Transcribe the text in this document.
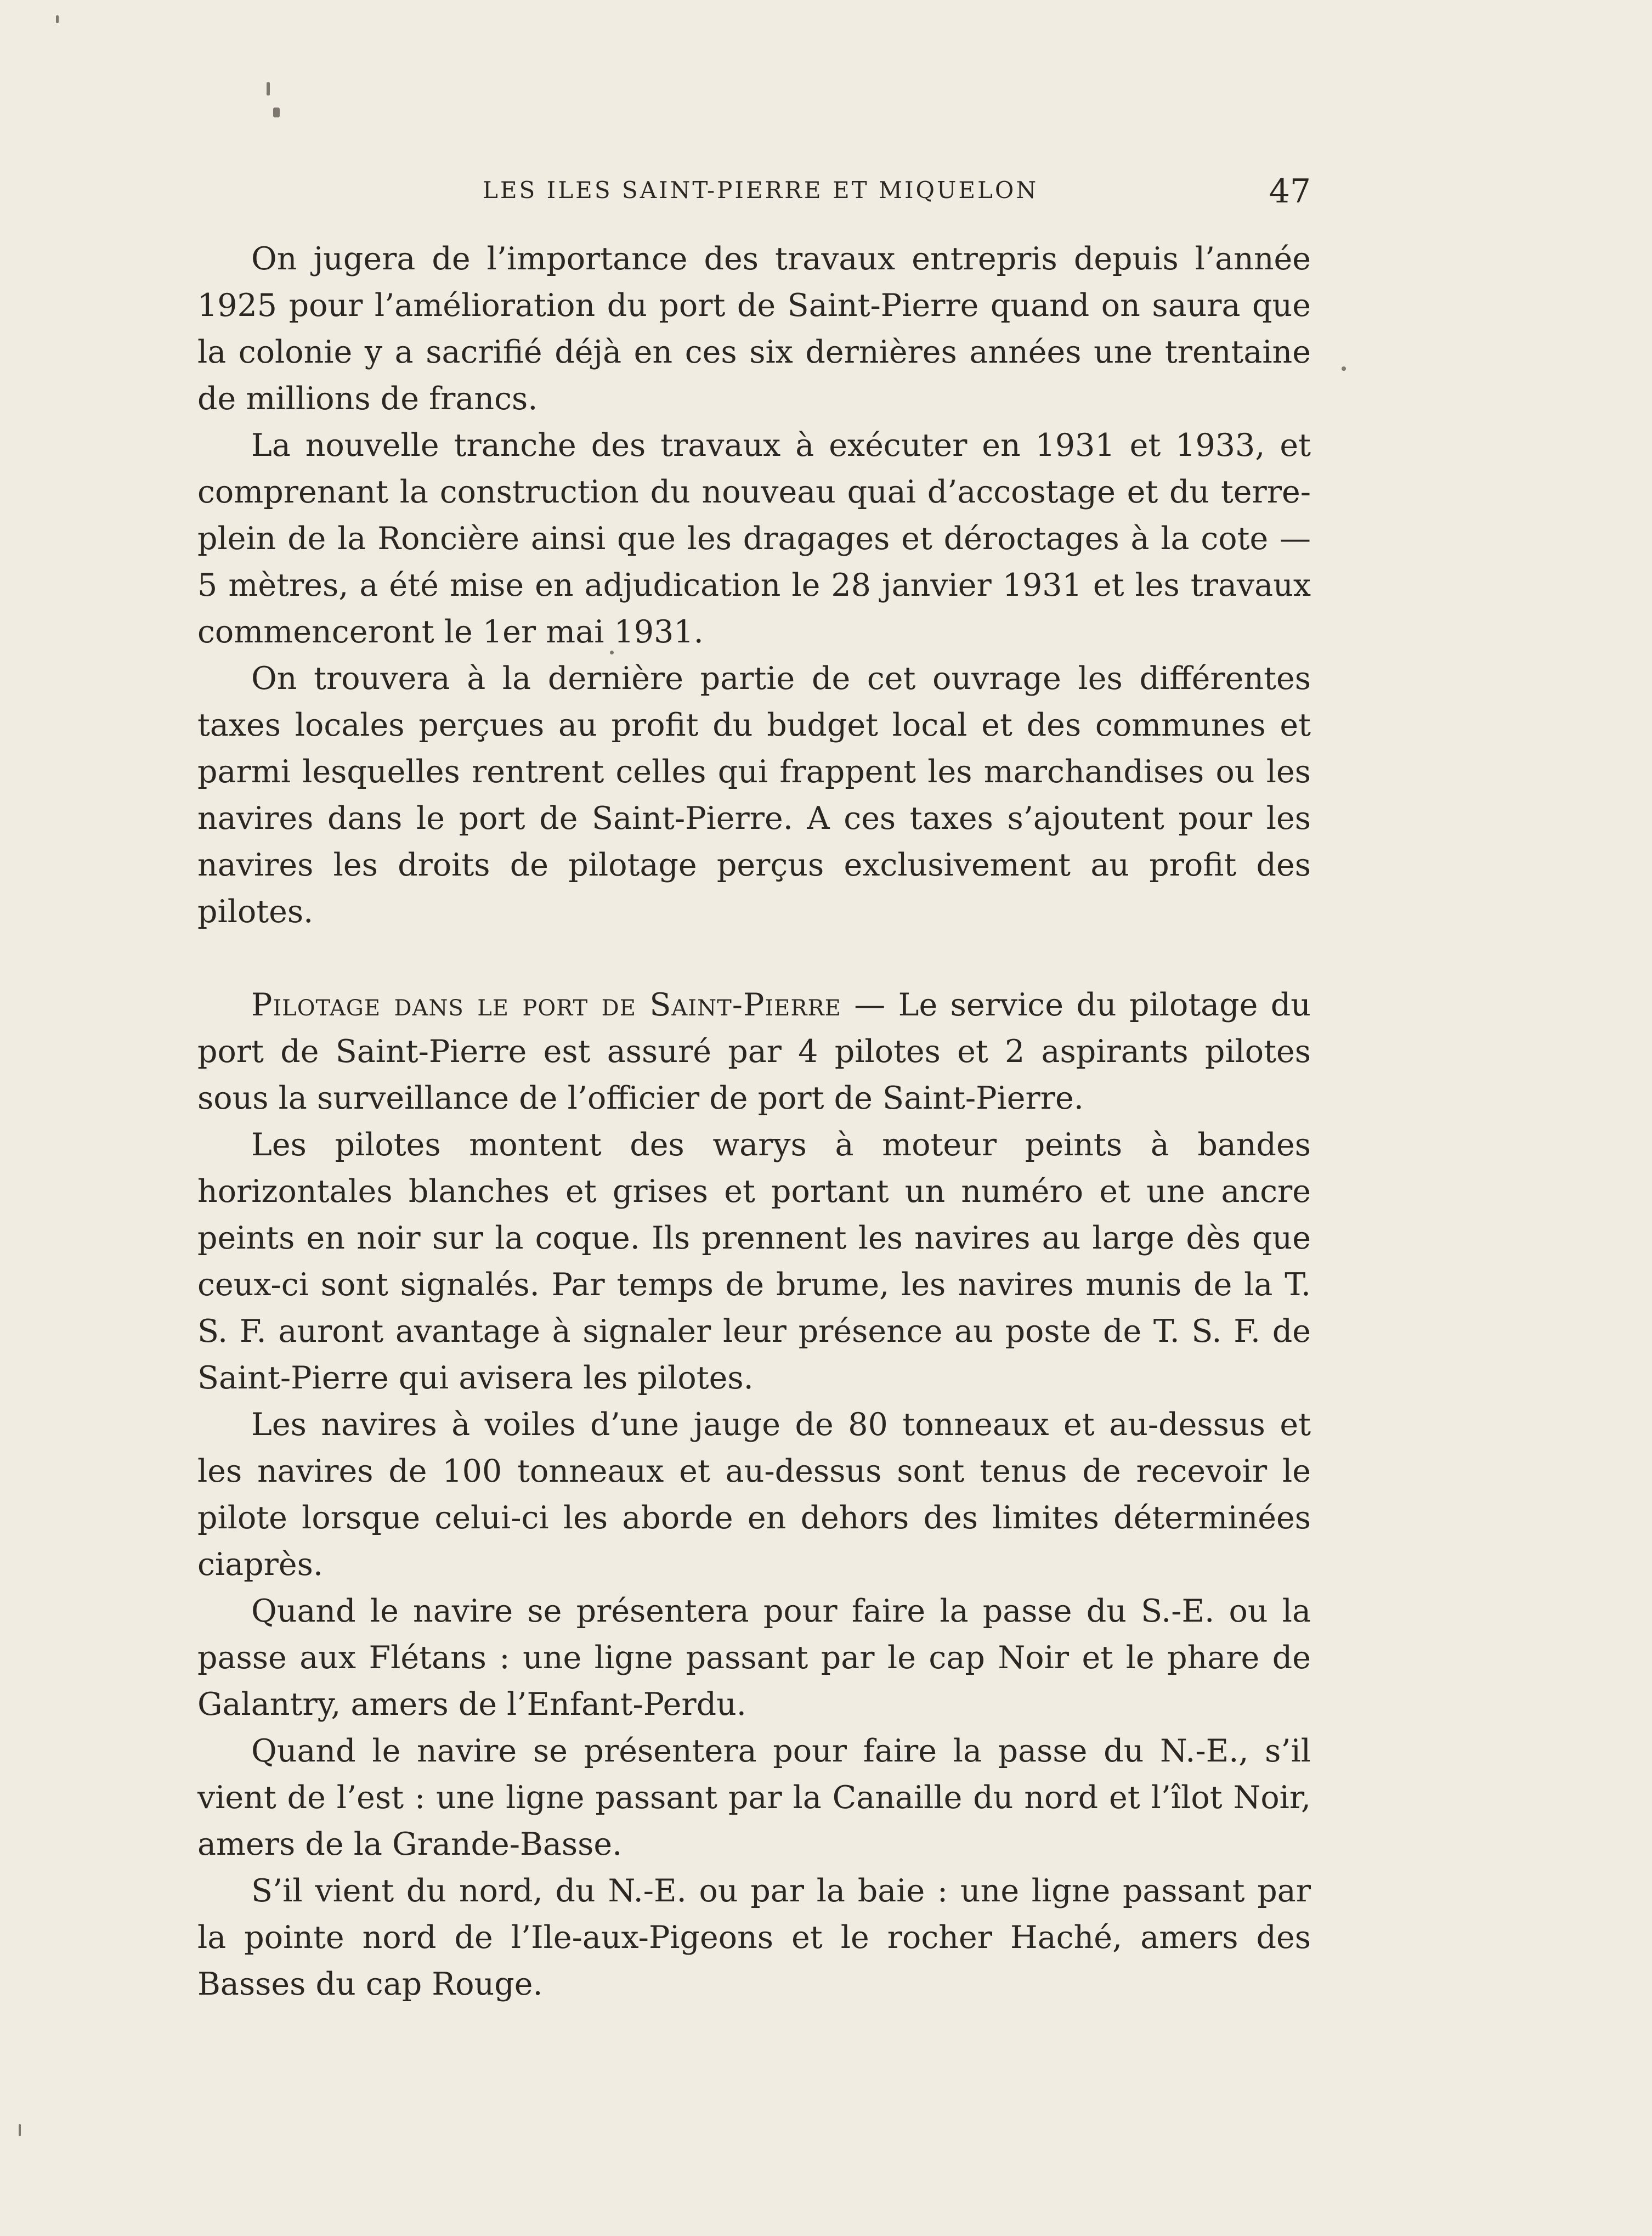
LES ILES SAINT-PIERRE ET MIQUELON	47

On jugera de l’importance des travaux entrepris depuis l’année 1925 pour l’amélioration du port de Saint-Pierre quand on saura que la colonie y a sacrifié déjà en ces six dernières années une trentaine de millions de francs.

La nouvelle tranche des travaux à exécuter en 1931 et 1933, et comprenant la construction du nouveau quai d’accostage et du terre-plein de la Roncière ainsi que les dragages et déroctages à la cote — 5 mètres, a été mise en adjudication le 28 janvier 1931 et les travaux commenceront le 1er mai 1931.

On trouvera à la dernière partie de cet ouvrage les différentes taxes locales perçues au profit du budget local et des communes et parmi lesquelles rentrent celles qui frappent les marchandises ou les navires dans le port de Saint-Pierre. A ces taxes s’ajoutent pour les navires les droits de pilotage perçus exclusivement au profit des pilotes.

Pilotage dans le port de Saint-Pierre — Le service du pilotage du port de Saint-Pierre est assuré par 4 pilotes et 2 aspirants pilotes sous la surveillance de l’officier de port de Saint-Pierre.

Les pilotes montent des warys à moteur peints à bandes horizontales blanches et grises et portant un numéro et une ancre peints en noir sur la coque. Ils prennent les navires au large dès que ceux-ci sont signalés. Par temps de brume, les navires munis de la T. S. F. auront avantage à signaler leur présence au poste de T. S. F. de Saint-Pierre qui avisera les pilotes.

Les navires à voiles d’une jauge de 80 tonneaux et au-dessus et les navires de 100 tonneaux et au-dessus sont tenus de recevoir le pilote lorsque celui-ci les aborde en dehors des limites déterminées ciaprès.

Quand le navire se présentera pour faire la passe du S.-E. ou la passe aux Flétans : une ligne passant par le cap Noir et le phare de Galantry, amers de l’Enfant-Perdu.

Quand le navire se présentera pour faire la passe du N.-E., s’il vient de l’est : une ligne passant par la Canaille du nord et l’îlot Noir, amers de la Grande-Basse.

S’il vient du nord, du N.-E. ou par la baie : une ligne passant par la pointe nord de l’Ile-aux-Pigeons et le rocher Haché, amers des Basses du cap Rouge.
